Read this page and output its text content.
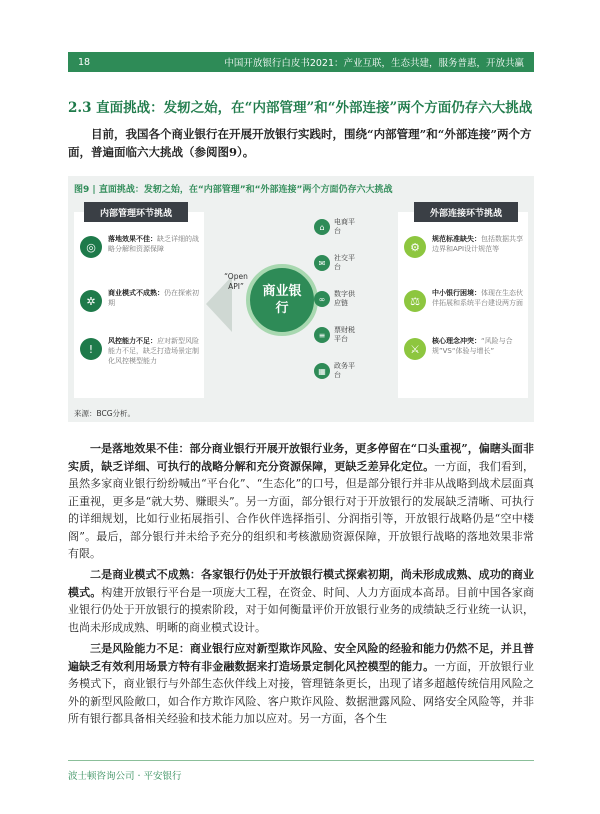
18	中国开放银行白皮书2021：产业互联，生态共建，服务普惠，开放共赢
2.3 直面挑战：发轫之始，在“内部管理”和“外部连接”两个方面仍存六大挑战
目前，我国各个商业银行在开展开放银行实践时，围绕“内部管理”和“外部连接”两个方面，普遍面临六大挑战（参阅图9）。
图9 | 直面挑战：发轫之始，在“内部管理”和“外部连接”两个方面仍存六大挑战
内部管理环节挑战
◎
落地效果不佳：缺乏详细的战略分解和资源保障
✲
商业模式不成熟：仍在探索初期
!
风控能力不足：应对新型风险能力不足，缺乏打造场景定制化风控模型能力
“Open API”	商业银行
⌂
电商平台
✉
社交平台
∞
数字供应链
≡
票财税平台
▦
政务平台
外部连接环节挑战
⚙
规范标准缺失：包括数据共享边界和API设计规范等
⚖
中小银行困境：体现在生态伙伴拓展和系统平台建设两方面
⚔
核心理念冲突：“风险与合规”VS“体验与增长”
来源：BCG分析。
一是落地效果不佳：部分商业银行开展开放银行业务，更多停留在“口头重视”，偏瞎头面非实质，缺乏详细、可执行的战略分解和充分资源保障，更缺乏差异化定位。一方面，我们看到，虽然多家商业银行纷纷喊出“平台化”、“生态化”的口号，但是部分银行并非从战略到战术层面真正重视，更多是“就大势、赚眼头”。另一方面，部分银行对于开放银行的发展缺乏清晰、可执行的详细规划，比如行业拓展指引、合作伙伴选择指引、分润指引等，开放银行战略仍是“空中楼阁”。最后，部分银行并未给予充分的组织和考核激励资源保障，开放银行战略的落地效果非常有限。
二是商业模式不成熟：各家银行仍处于开放银行模式探索初期，尚未形成成熟、成功的商业模式。构建开放银行平台是一项庞大工程，在资金、时间、人力方面成本高昂。目前中国各家商业银行仍处于开放银行的摸索阶段，对于如何衡量评价开放银行业务的成绩缺乏行业统一认识，也尚未形成成熟、明晰的商业模式设计。
三是风险能力不足：商业银行应对新型欺诈风险、安全风险的经验和能力仍然不足，并且普遍缺乏有效利用场景方特有非金融数据来打造场景定制化风控模型的能力。一方面，开放银行业务模式下，商业银行与外部生态伙伴线上对接，管理链条更长，出现了诸多超越传统信用风险之外的新型风险敞口，如合作方欺诈风险、客户欺诈风险、数据泄露风险、网络安全风险等，并非所有银行都具备相关经验和技术能力加以应对。另一方面，各个生
波士顿咨询公司 · 平安银行
